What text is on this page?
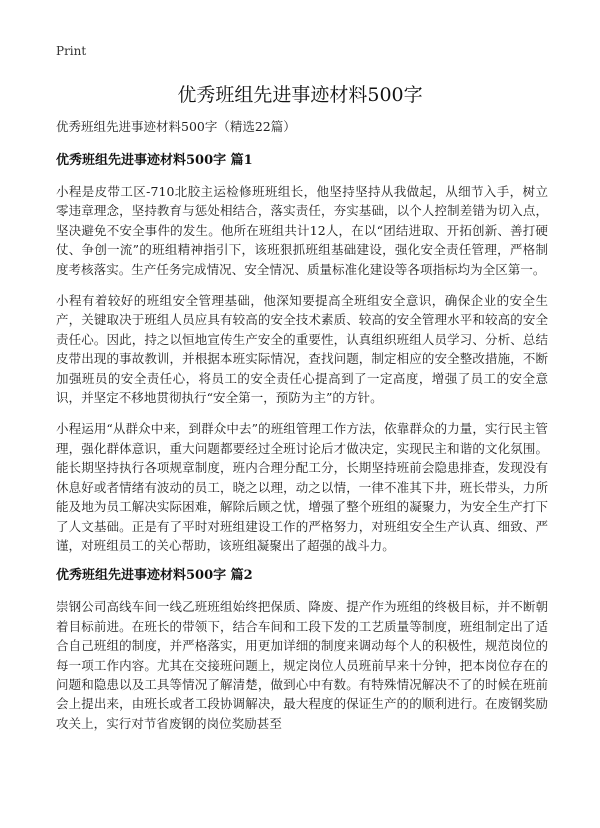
Print
优秀班组先进事迹材料500字

优秀班组先进事迹材料500字（精选22篇）

优秀班组先进事迹材料500字 篇1

小程是皮带工区-710北胶主运检修班班组长，他坚持坚持从我做起，从细节入手，树立零违章理念，坚持教育与惩处相结合，落实责任，夯实基础，以个人控制差错为切入点，坚决避免不安全事件的发生。他所在班组共计12人，在以“团结进取、开拓创新、善打硬仗、争创一流”的班组精神指引下，该班狠抓班组基础建设，强化安全责任管理，严格制度考核落实。生产任务完成情况、安全情况、质量标准化建设等各项指标均为全区第一。

小程有着较好的班组安全管理基础，他深知要提高全班组安全意识，确保企业的安全生产，关键取决于班组人员应具有较高的安全技术素质、较高的安全管理水平和较高的安全责任心。因此，持之以恒地宣传生产安全的重要性，认真组织班组人员学习、分析、总结皮带出现的事故教训，并根据本班实际情况，查找问题，制定相应的安全整改措施，不断加强班员的安全责任心，将员工的安全责任心提高到了一定高度，增强了员工的安全意识，并坚定不移地贯彻执行“安全第一，预防为主”的方针。

小程运用“从群众中来，到群众中去”的班组管理工作方法，依靠群众的力量，实行民主管理，强化群体意识，重大问题都要经过全班讨论后才做决定，实现民主和谐的文化氛围。能长期坚持执行各项规章制度，班内合理分配工分，长期坚持班前会隐患排查，发现没有休息好或者情绪有波动的员工，晓之以理，动之以情，一律不准其下井，班长带头，力所能及地为员工解决实际困难，解除后顾之忧，增强了整个班组的凝聚力，为安全生产打下了人文基础。正是有了平时对班组建设工作的严格努力，对班组安全生产认真、细致、严谨，对班组员工的关心帮助，该班组凝聚出了超强的战斗力。

优秀班组先进事迹材料500字 篇2

崇钢公司高线车间一线乙班班组始终把保质、降废、提产作为班组的终极目标，并不断朝着目标前进。在班长的带领下，结合车间和工段下发的工艺质量等制度，班组制定出了适合自己班组的制度，并严格落实，用更加详细的制度来调动每个人的积极性，规范岗位的每一项工作内容。尤其在交接班问题上，规定岗位人员班前早来十分钟，把本岗位存在的问题和隐患以及工具等情况了解清楚，做到心中有数。有特殊情况解决不了的时候在班前会上提出来，由班长或者工段协调解决，最大程度的保证生产的的顺利进行。在废钢奖励攻关上，实行对节省废钢的岗位奖励甚至
